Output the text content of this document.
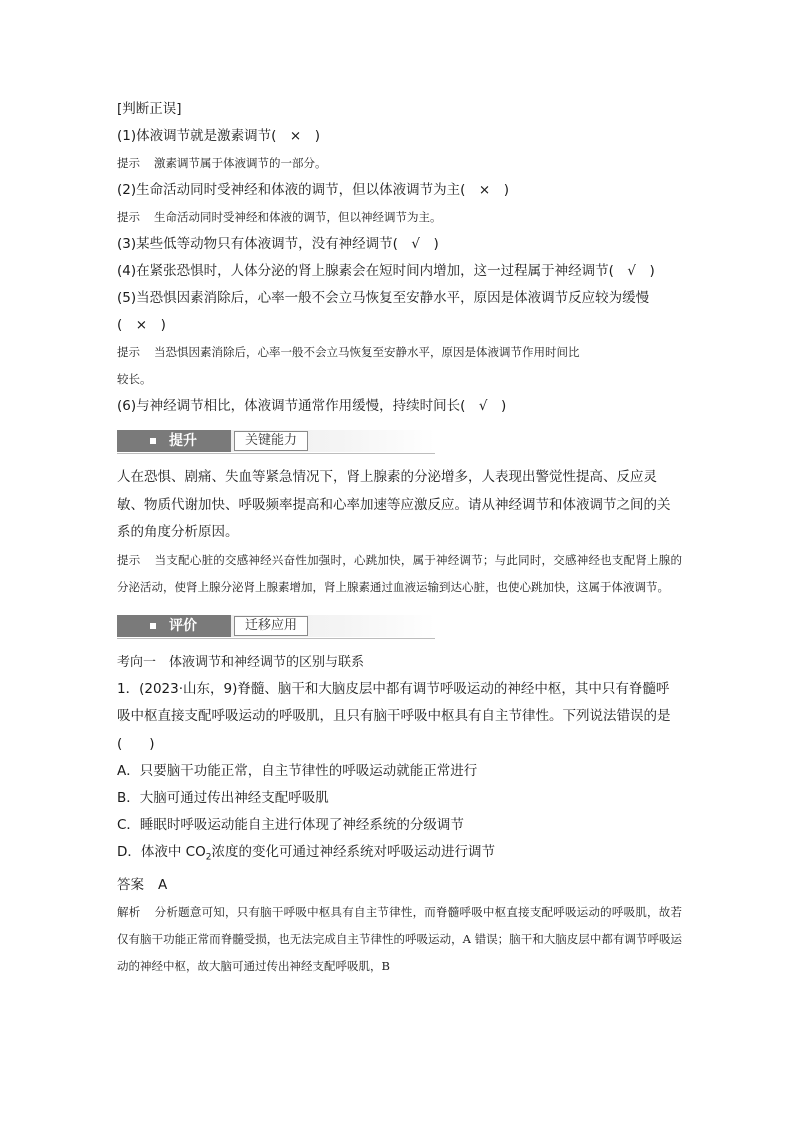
[判断正误]
(1)体液调节就是激素调节(　×　)
提示 激素调节属于体液调节的一部分。
(2)生命活动同时受神经和体液的调节，但以体液调节为主(　×　)
提示 生命活动同时受神经和体液的调节，但以神经调节为主。
(3)某些低等动物只有体液调节，没有神经调节(　√　)
(4)在紧张恐惧时，人体分泌的肾上腺素会在短时间内增加，这一过程属于神经调节(　√　)
(5)当恐惧因素消除后，心率一般不会立马恢复至安静水平，原因是体液调节反应较为缓慢
(　×　)
提示 当恐惧因素消除后，心率一般不会立马恢复至安静水平，原因是体液调节作用时间比
较长。
(6)与神经调节相比，体液调节通常作用缓慢，持续时间长(　√　)
提升	关键能力
人在恐惧、剧痛、失血等紧急情况下，肾上腺素的分泌增多，人表现出警觉性提高、反应灵敏、物质代谢加快、呼吸频率提高和心率加速等应激反应。请从神经调节和体液调节之间的关系的角度分析原因。
提示 当支配心脏的交感神经兴奋性加强时，心跳加快，属于神经调节；与此同时，交感神经也支配肾上腺的分泌活动，使肾上腺分泌肾上腺素增加，肾上腺素通过血液运输到达心脏，也使心跳加快，这属于体液调节。
评价	迁移应用
考向一　体液调节和神经调节的区别与联系
1．(2023·山东，9)脊髓、脑干和大脑皮层中都有调节呼吸运动的神经中枢，其中只有脊髓呼吸中枢直接支配呼吸运动的呼吸肌，且只有脑干呼吸中枢具有自主节律性。下列说法错误的是(　　)
A．只要脑干功能正常，自主节律性的呼吸运动就能正常进行
B．大脑可通过传出神经支配呼吸肌
C．睡眠时呼吸运动能自主进行体现了神经系统的分级调节
D．体液中 $CO_2$浓度的变化可通过神经系统对呼吸运动进行调节
答案 A
解析 分析题意可知，只有脑干呼吸中枢具有自主节律性，而脊髓呼吸中枢直接支配呼吸运动的呼吸肌，故若仅有脑干功能正常而脊髓受损，也无法完成自主节律性的呼吸运动，A 错误；脑干和大脑皮层中都有调节呼吸运动的神经中枢，故大脑可通过传出神经支配呼吸肌，B
